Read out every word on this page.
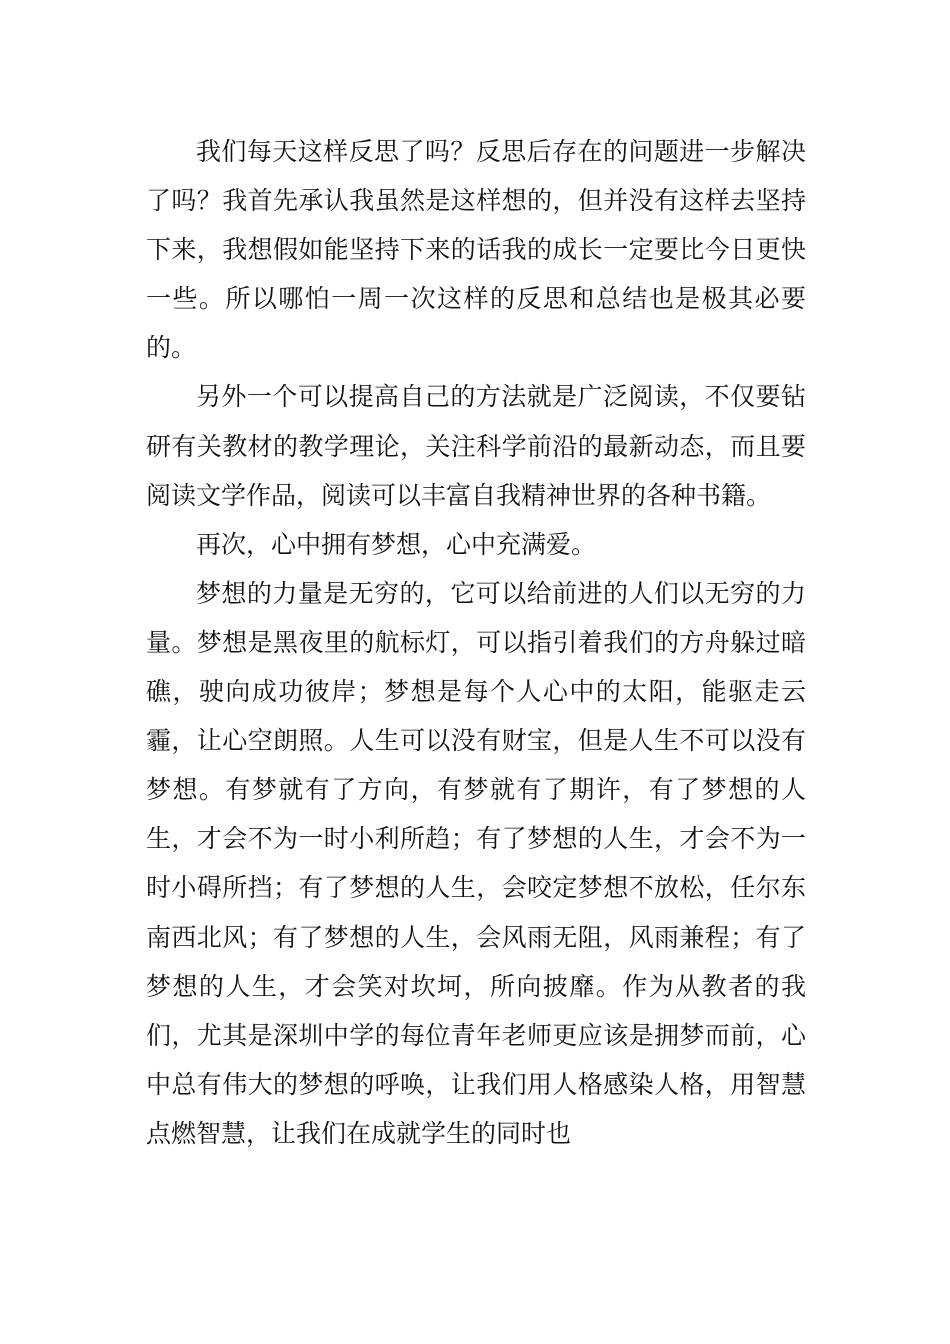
我们每天这样反思了吗？反思后存在的问题进一步解决了吗？我首先承认我虽然是这样想的，但并没有这样去坚持下来，我想假如能坚持下来的话我的成长一定要比今日更快一些。所以哪怕一周一次这样的反思和总结也是极其必要的。

另外一个可以提高自己的方法就是广泛阅读，不仅要钻研有关教材的教学理论，关注科学前沿的最新动态，而且要阅读文学作品，阅读可以丰富自我精神世界的各种书籍。

再次，心中拥有梦想，心中充满爱。

梦想的力量是无穷的，它可以给前进的人们以无穷的力量。梦想是黑夜里的航标灯，可以指引着我们的方舟躲过暗礁，驶向成功彼岸；梦想是每个人心中的太阳，能驱走云霾，让心空朗照。人生可以没有财宝，但是人生不可以没有梦想。有梦就有了方向，有梦就有了期许，有了梦想的人生，才会不为一时小利所趋；有了梦想的人生，才会不为一时小碍所挡；有了梦想的人生，会咬定梦想不放松，任尔东南西北风；有了梦想的人生，会风雨无阻，风雨兼程；有了梦想的人生，才会笑对坎坷，所向披靡。作为从教者的我们，尤其是深圳中学的每位青年老师更应该是拥梦而前，心中总有伟大的梦想的呼唤，让我们用人格感染人格，用智慧点燃智慧，让我们在成就学生的同时也
